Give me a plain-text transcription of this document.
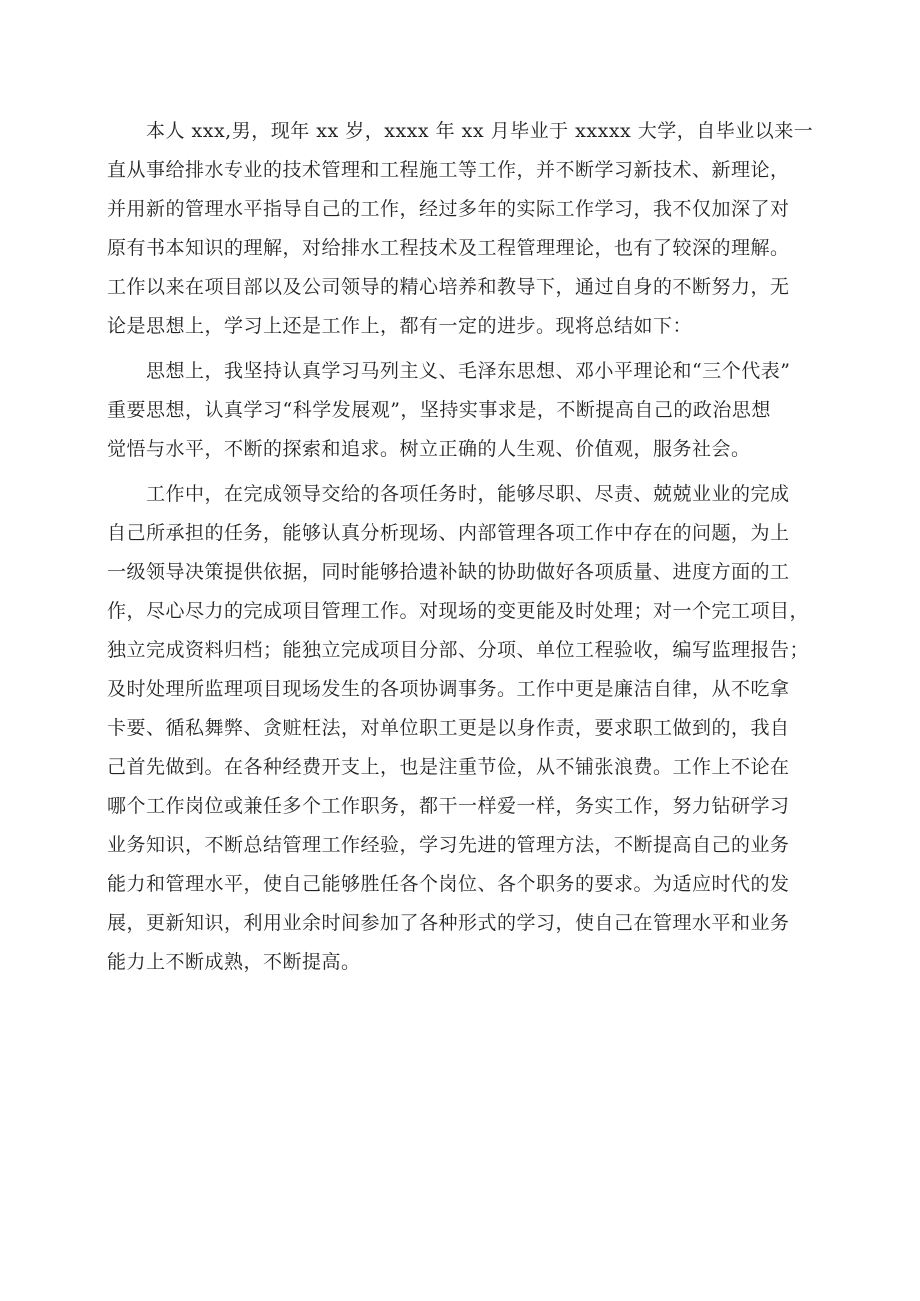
　　本人 xxx,男，现年 xx 岁，xxxx 年 xx 月毕业于 xxxxx 大学，自毕业以来一
直从事给排水专业的技术管理和工程施工等工作，并不断学习新技术、新理论，
并用新的管理水平指导自己的工作，经过多年的实际工作学习，我不仅加深了对
原有书本知识的理解，对给排水工程技术及工程管理理论，也有了较深的理解。
工作以来在项目部以及公司领导的精心培养和教导下，通过自身的不断努力，无
论是思想上，学习上还是工作上，都有一定的进步。现将总结如下：
　　思想上，我坚持认真学习马列主义、毛泽东思想、邓小平理论和“三个代表”
重要思想，认真学习“科学发展观”，坚持实事求是，不断提高自己的政治思想
觉悟与水平，不断的探索和追求。树立正确的人生观、价值观，服务社会。
　　工作中，在完成领导交给的各项任务时，能够尽职、尽责、兢兢业业的完成
自己所承担的任务，能够认真分析现场、内部管理各项工作中存在的问题，为上
一级领导决策提供依据，同时能够拾遗补缺的协助做好各项质量、进度方面的工
作，尽心尽力的完成项目管理工作。对现场的变更能及时处理；对一个完工项目，
独立完成资料归档；能独立完成项目分部、分项、单位工程验收，编写监理报告；
及时处理所监理项目现场发生的各项协调事务。工作中更是廉洁自律，从不吃拿
卡要、循私舞弊、贪赃枉法，对单位职工更是以身作责，要求职工做到的，我自
己首先做到。在各种经费开支上，也是注重节俭，从不铺张浪费。工作上不论在
哪个工作岗位或兼任多个工作职务，都干一样爱一样，务实工作，努力钻研学习
业务知识，不断总结管理工作经验，学习先进的管理方法，不断提高自己的业务
能力和管理水平，使自己能够胜任各个岗位、各个职务的要求。为适应时代的发
展，更新知识，利用业余时间参加了各种形式的学习，使自己在管理水平和业务
能力上不断成熟，不断提高。
